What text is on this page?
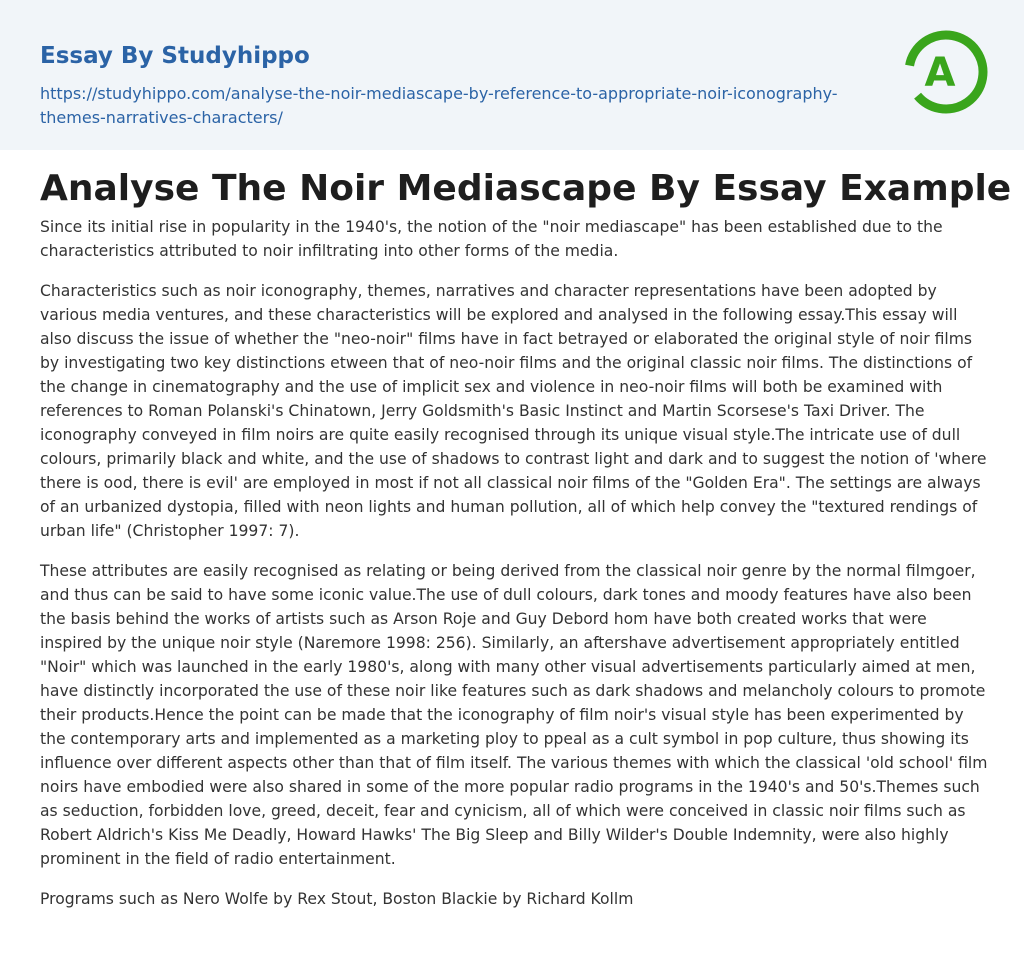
Essay By Studyhippo
https://studyhippo.com/analyse-the-noir-mediascape-by-reference-to-appropriate-noir-iconography-themes-narratives-characters/
A
Analyse The Noir Mediascape By Essay Example

Since its initial rise in popularity in the 1940's, the notion of the "noir mediascape" has been established due to the characteristics attributed to noir infiltrating into other forms of the media.

Characteristics such as noir iconography, themes, narratives and character representations have been adopted by various media ventures, and these characteristics will be explored and analysed in the following essay.This essay will also discuss the issue of whether the "neo-noir" films have in fact betrayed or elaborated the original style of noir films by investigating two key distinctions etween that of neo-noir films and the original classic noir films. The distinctions of the change in cinematography and the use of implicit sex and violence in neo-noir films will both be examined with references to Roman Polanski's Chinatown, Jerry Goldsmith's Basic Instinct and Martin Scorsese's Taxi Driver. The iconography conveyed in film noirs are quite easily recognised through its unique visual style.The intricate use of dull colours, primarily black and white, and the use of shadows to contrast light and dark and to suggest the notion of 'where there is ood, there is evil' are employed in most if not all classical noir films of the "Golden Era". The settings are always of an urbanized dystopia, filled with neon lights and human pollution, all of which help convey the "textured rendings of urban life" (Christopher 1997: 7).

These attributes are easily recognised as relating or being derived from the classical noir genre by the normal filmgoer, and thus can be said to have some iconic value.The use of dull colours, dark tones and moody features have also been the basis behind the works of artists such as Arson Roje and Guy Debord hom have both created works that were inspired by the unique noir style (Naremore 1998: 256). Similarly, an aftershave advertisement appropriately entitled "Noir" which was launched in the early 1980's, along with many other visual advertisements particularly aimed at men, have distinctly incorporated the use of these noir like features such as dark shadows and melancholy colours to promote their products.Hence the point can be made that the iconography of film noir's visual style has been experimented by the contemporary arts and implemented as a marketing ploy to ppeal as a cult symbol in pop culture, thus showing its influence over different aspects other than that of film itself. The various themes with which the classical 'old school' film noirs have embodied were also shared in some of the more popular radio programs in the 1940's and 50's.Themes such as seduction, forbidden love, greed, deceit, fear and cynicism, all of which were conceived in classic noir films such as Robert Aldrich's Kiss Me Deadly, Howard Hawks' The Big Sleep and Billy Wilder's Double Indemnity, were also highly prominent in the field of radio entertainment.

Programs such as Nero Wolfe by Rex Stout, Boston Blackie by Richard Kollm
